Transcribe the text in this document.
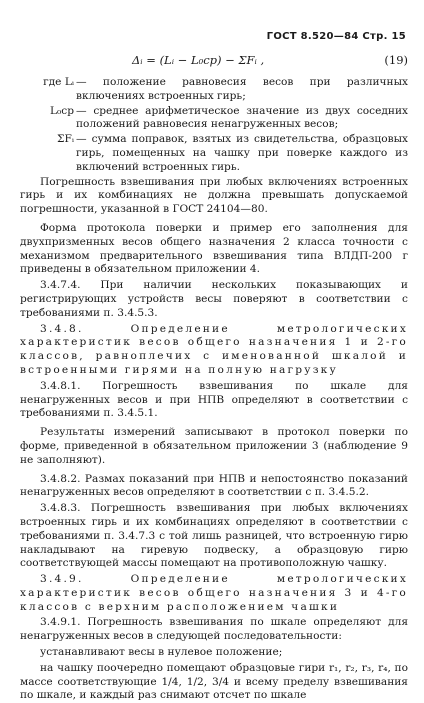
ГОСТ 8.520—84 Стр. 15
Δᵢ = (Lᵢ − L₀ср) − ΣFᵢ ,	(19)
где Lᵢ — положение равновесия весов при различных включениях встроенных гирь;
L₀ср — среднее арифметическое значение из двух соседних положений равновесия ненагруженных весов;
ΣFᵢ — сумма поправок, взятых из свидетельства, образцовых гирь, помещенных на чашку при поверке каждого из включений встроенных гирь.

Погрешность взвешивания при любых включениях встроенных гирь и их комбинациях не должна превышать допускаемой погрешности, указанной в ГОСТ 24104—80.

Форма протокола поверки и пример его заполнения для двухпризменных весов общего назначения 2 класса точности с механизмом предварительного взвешивания типа ВЛДП-200 г приведены в обязательном приложении 4.

3.4.7.4. При наличии нескольких показывающих и регистрирующих устройств весы поверяют в соответствии с требованиями п. 3.4.5.3.

3.4.8. Определение метрологических характеристик весов общего назначения 1 и 2-го классов, равноплечих с именованной шкалой и встроенными гирями на полную нагрузку

3.4.8.1. Погрешность взвешивания по шкале для ненагруженных весов и при НПВ определяют в соответствии с требованиями п. 3.4.5.1.

Результаты измерений записывают в протокол поверки по форме, приведенной в обязательном приложении 3 (наблюдение 9 не заполняют).

3.4.8.2. Размах показаний при НПВ и непостоянство показаний ненагруженных весов определяют в соответствии с п. 3.4.5.2.

3.4.8.3. Погрешность взвешивания при любых включениях встроенных гирь и их комбинациях определяют в соответствии с требованиями п. 3.4.7.3 с той лишь разницей, что встроенную гирю накладывают на гиревую подвеску, а образцовую гирю соответствующей массы помещают на противоположную чашку.

3.4.9. Определение метрологических характеристик весов общего назначения 3 и 4-го классов с верхним расположением чашки

3.4.9.1. Погрешность взвешивания по шкале определяют для ненагруженных весов в следующей последовательности:

устанавливают весы в нулевое положение;

на чашку поочередно помещают образцовые гири r₁, r₂, r₃, r₄, по массе соответствующие 1/4, 1/2, 3/4 и всему пределу взвешивания по шкале, и каждый раз снимают отсчет по шкале
